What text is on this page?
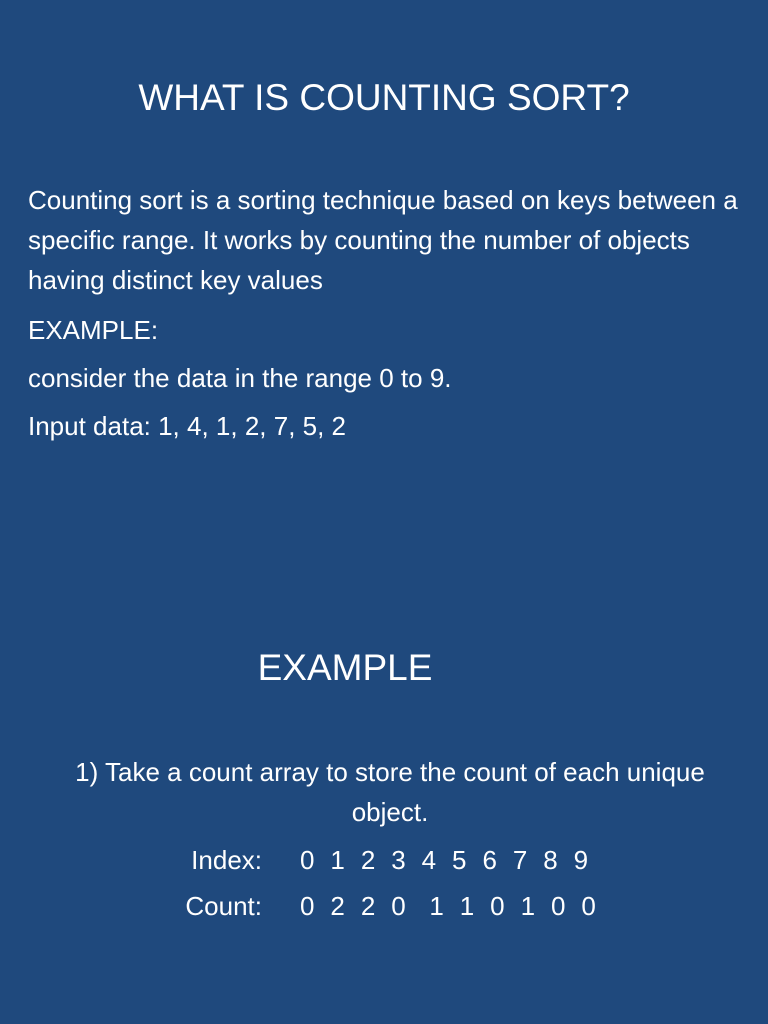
WHAT IS COUNTING SORT?
Counting sort is a sorting technique based on keys between a specific range. It works by counting the number of objects having distinct key values
EXAMPLE:
consider the data in the range 0 to 9.
Input data: 1, 4, 1, 2, 7, 5, 2
EXAMPLE
1) Take a count array to store the count of each unique object.
Index: 0  1  2  3  4  5  6  7  8  9
Count: 0  2  2  0   1  1  0  1  0  0
